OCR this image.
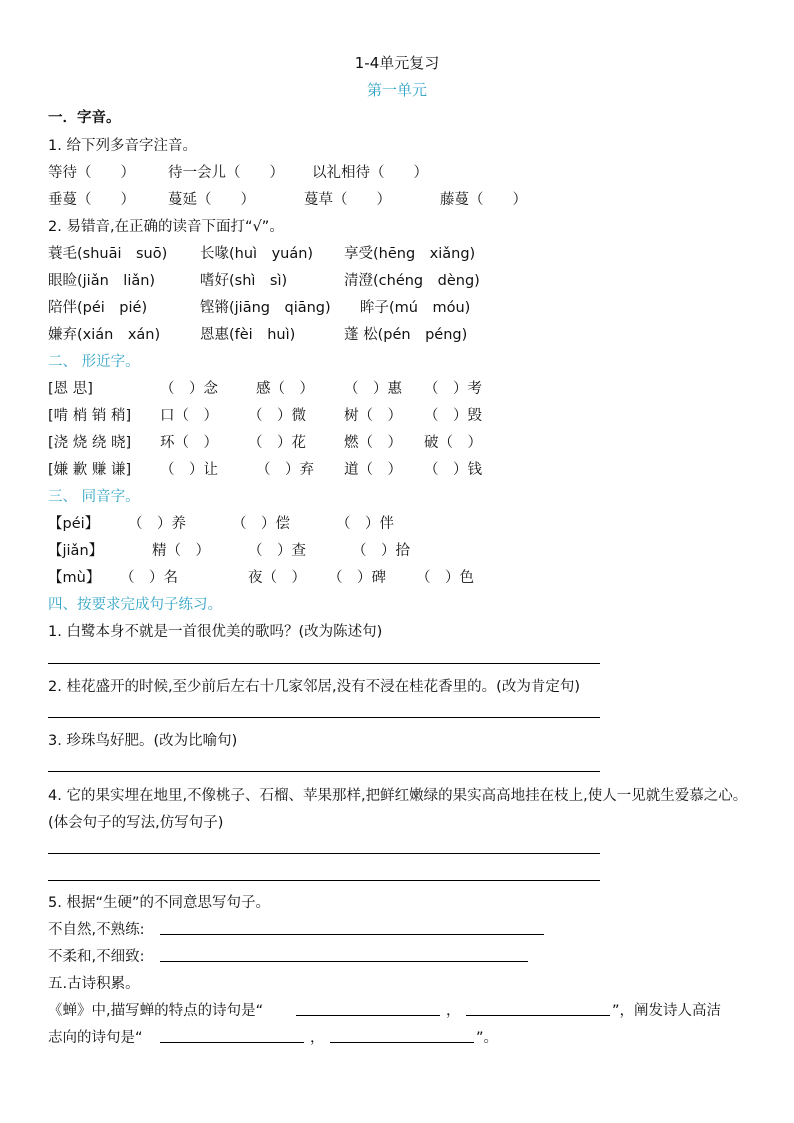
1-4单元复习
第一单元
一．字音。
1. 给下列多音字注音。
等待（　　） 待一会儿（　　） 以礼相待（　　）
垂蔓（　　） 蔓延（　　）	蔓草（　　）	藤蔓（　　）
2. 易错音,在正确的读音下面打“√”。
蓑毛(shuāi　suō) 长喙(huì　yuán) 享受(hēng　xiǎng)
眼睑(jiǎn　liǎn)	嗜好(shì　sì)	清澄(chéng　dèng)
陪伴(péi　pié)	铿锵(jiāng　qiāng) 眸子(mú　móu)
嫌弃(xián　xán)	恩惠(fèi　huì)	蓬 松(pén　péng)
二、 形近字。
[恩 思]	（　）念	感（　） （　）惠 （　）考
[啃 梢 销 稍] 口（　） （　）微	树（　） （　）毁
[浇 烧 绕 晓] 环（　） （　）花	燃（　） 破（　）
[嫌 歉 赚 谦] （　）让	（　）弃 道（　） （　）钱
三、 同音字。
【péi】 （　）养	（　）偿	（　）伴
【jiǎn】	精（　）	（　）查	（　）拾
【mù】 （　）名	夜（　） （　）碑 （　）色
四、按要求完成句子练习。
1. 白鹭本身不就是一首很优美的歌吗？(改为陈述句)
2. 桂花盛开的时候,至少前后左右十几家邻居,没有不浸在桂花香里的。(改为肯定句)
3. 珍珠鸟好肥。(改为比喻句)
4. 它的果实埋在地里,不像桃子、石榴、苹果那样,把鲜红嫩绿的果实高高地挂在枝上,使人一见就生爱慕之心。(体会句子的写法,仿写句子)
5. 根据“生硬”的不同意思写句子。
不自然,不熟练:
不柔和,不细致:
五.古诗积累。
《蝉》中,描写蝉的特点的诗句是“	，	”，阐发诗人高洁
志向的诗句是“	，	”。
